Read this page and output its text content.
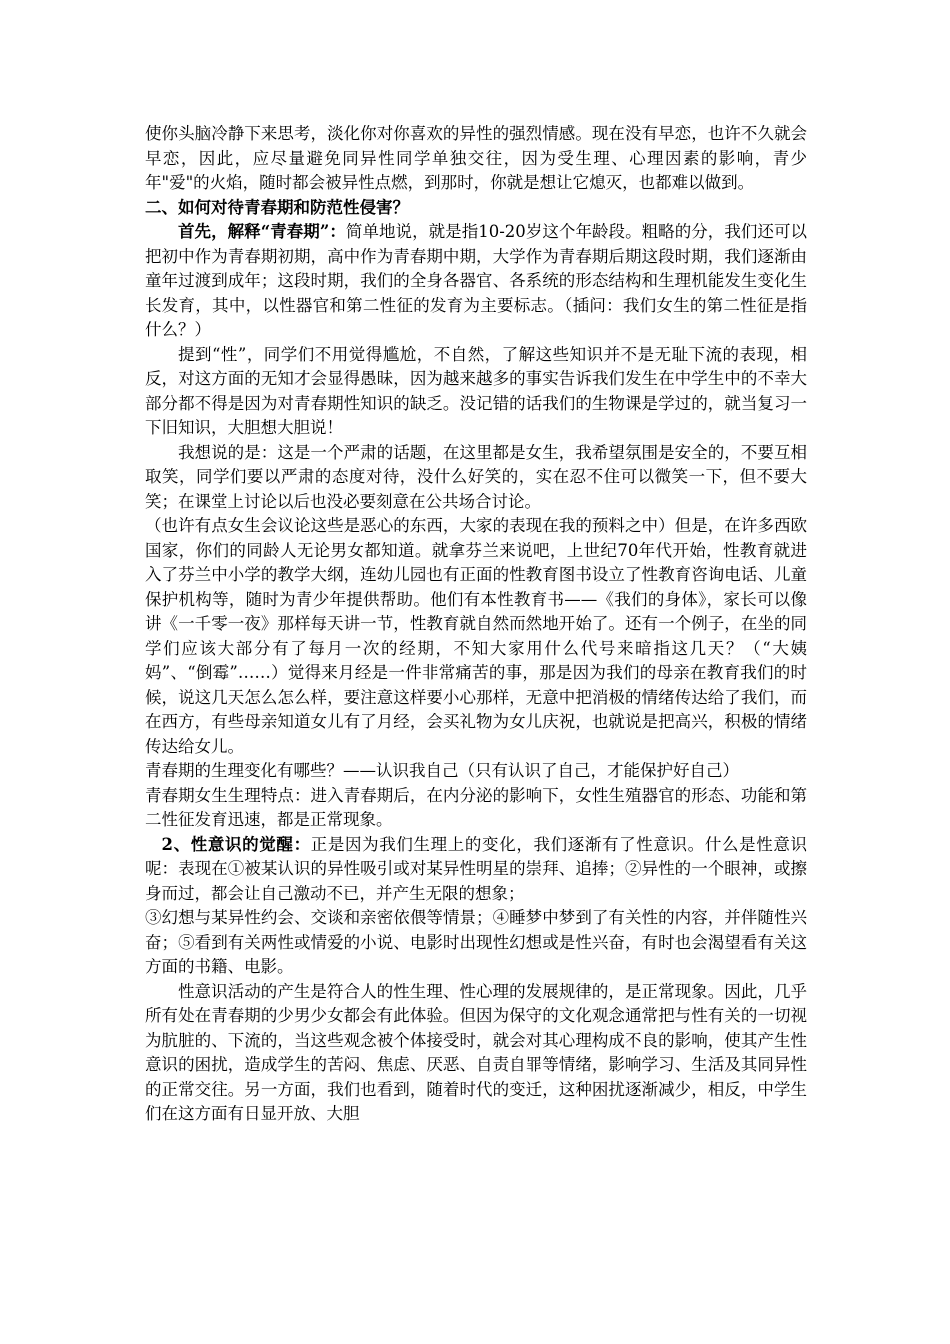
使你头脑冷静下来思考，淡化你对你喜欢的异性的强烈情感。现在没有早恋，也许不久就会早恋，因此，应尽量避免同异性同学单独交往，因为受生理、心理因素的影响，青少年"爱"的火焰，随时都会被异性点燃，到那时，你就是想让它熄灭，也都难以做到。

二、如何对待青春期和防范性侵害？

首先，解释“青春期”：简单地说，就是指10-20岁这个年龄段。粗略的分，我们还可以把初中作为青春期初期，高中作为青春期中期，大学作为青春期后期这段时期，我们逐渐由童年过渡到成年；这段时期，我们的全身各器官、各系统的形态结构和生理机能发生变化生长发育，其中，以性器官和第二性征的发育为主要标志。（插问：我们女生的第二性征是指什么？）

提到“性”，同学们不用觉得尴尬，不自然，了解这些知识并不是无耻下流的表现，相反，对这方面的无知才会显得愚昧，因为越来越多的事实告诉我们发生在中学生中的不幸大部分都不得是因为对青春期性知识的缺乏。没记错的话我们的生物课是学过的，就当复习一下旧知识，大胆想大胆说！

我想说的是：这是一个严肃的话题，在这里都是女生，我希望氛围是安全的，不要互相取笑，同学们要以严肃的态度对待，没什么好笑的，实在忍不住可以微笑一下，但不要大笑；在课堂上讨论以后也没必要刻意在公共场合讨论。

（也许有点女生会议论这些是恶心的东西，大家的表现在我的预料之中）但是，在许多西欧国家，你们的同龄人无论男女都知道。就拿芬兰来说吧，上世纪70年代开始，性教育就进入了芬兰中小学的教学大纲，连幼儿园也有正面的性教育图书设立了性教育咨询电话、儿童保护机构等，随时为青少年提供帮助。他们有本性教育书——《我们的身体》，家长可以像讲《一千零一夜》那样每天讲一节，性教育就自然而然地开始了。还有一个例子，在坐的同学们应该大部分有了每月一次的经期，不知大家用什么代号来暗指这几天？（“大姨妈”、“倒霉”……）觉得来月经是一件非常痛苦的事，那是因为我们的母亲在教育我们的时候，说这几天怎么怎么样，要注意这样要小心那样，无意中把消极的情绪传达给了我们，而在西方，有些母亲知道女儿有了月经，会买礼物为女儿庆祝，也就说是把高兴，积极的情绪传达给女儿。

青春期的生理变化有哪些？——认识我自己（只有认识了自己，才能保护好自己）

青春期女生生理特点：进入青春期后，在内分泌的影响下，女性生殖器官的形态、功能和第二性征发育迅速，都是正常现象。

2、性意识的觉醒：正是因为我们生理上的变化，我们逐渐有了性意识。什么是性意识呢：表现在①被某认识的异性吸引或对某异性明星的崇拜、追捧；②异性的一个眼神，或擦身而过，都会让自己激动不已，并产生无限的想象；

③幻想与某异性约会、交谈和亲密依偎等情景；④睡梦中梦到了有关性的内容，并伴随性兴奋；⑤看到有关两性或情爱的小说、电影时出现性幻想或是性兴奋，有时也会渴望看有关这方面的书籍、电影。

性意识活动的产生是符合人的性生理、性心理的发展规律的，是正常现象。因此，几乎所有处在青春期的少男少女都会有此体验。但因为保守的文化观念通常把与性有关的一切视为肮脏的、下流的，当这些观念被个体接受时，就会对其心理构成不良的影响，使其产生性意识的困扰，造成学生的苦闷、焦虑、厌恶、自责自罪等情绪，影响学习、生活及其同异性的正常交往。另一方面，我们也看到，随着时代的变迁，这种困扰逐渐减少，相反，中学生们在这方面有日显开放、大胆
